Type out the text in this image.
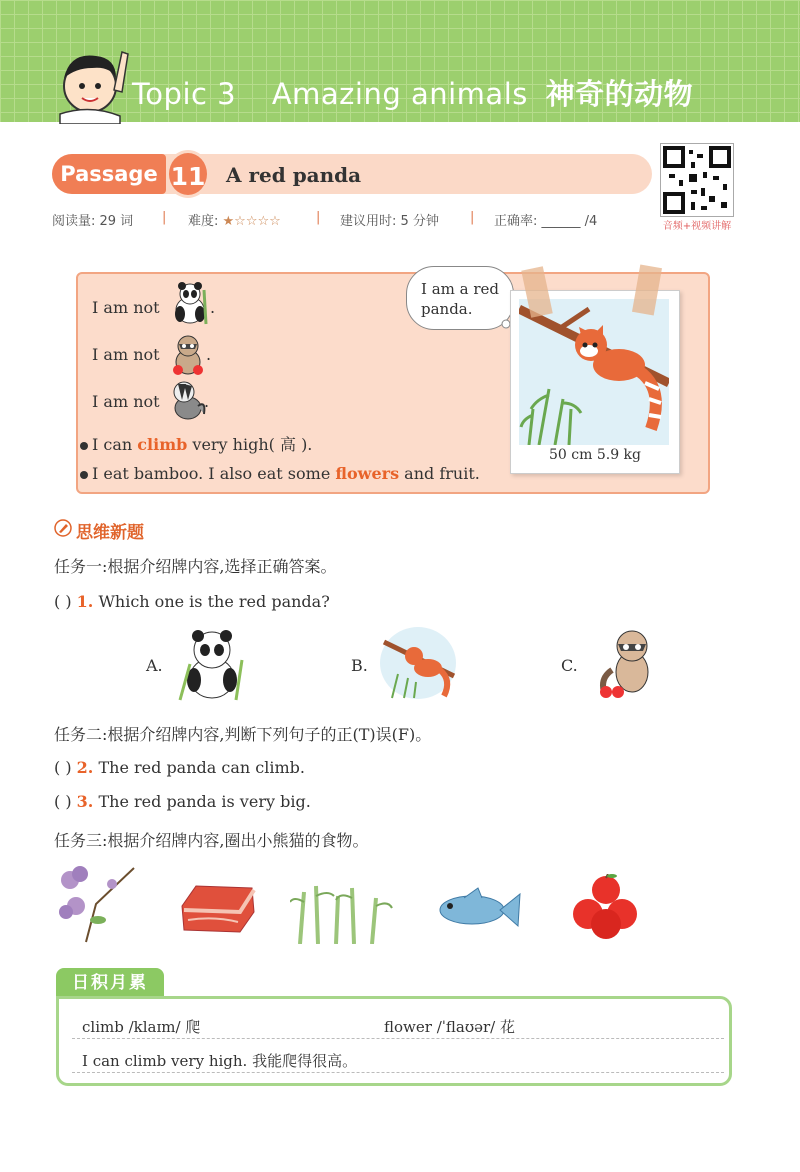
Topic 3 Amazing animals 神奇的动物
Passage 11 A red panda
音频+视频讲解
阅读量: 29 词 | 难度: ★☆☆☆☆	| 建议用时: 5 分钟 | 正确率: ______ /4
I am not	.
I am not	.
I am not	.
I can climb very high( 高 ).
I eat bamboo. I also eat some flowers and fruit.
I am a red panda.
50 cm 5.9 kg
思维新题
任务一:根据介绍牌内容,选择正确答案。
( ) 1. Which one is the red panda?
A.	B.	C.
任务二:根据介绍牌内容,判断下列句子的正(T)误(F)。
( ) 2. The red panda can climb.
( ) 3. The red panda is very big.
任务三:根据介绍牌内容,圈出小熊猫的食物。
日积月累
climb /klaɪm/ 爬	flower /ˈflaʊər/ 花
I can climb very high. 我能爬得很高。
